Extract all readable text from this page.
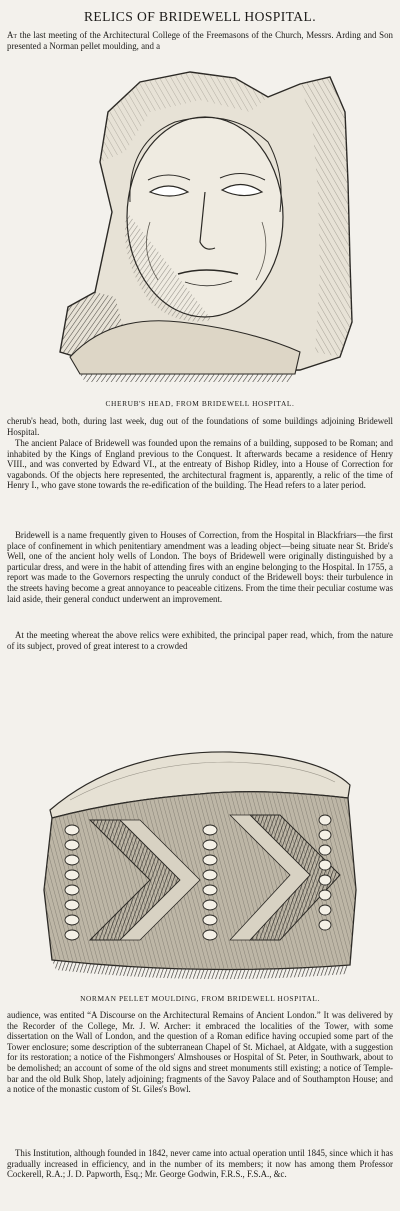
RELICS OF BRIDEWELL HOSPITAL.

At the last meeting of the Architectural College of the Freemasons of the Church, Messrs. Arding and Son presented a Norman pellet moulding, and a

CHERUB'S HEAD, FROM BRIDEWELL HOSPITAL.

cherub's head, both, during last week, dug out of the foundations of some buildings adjoining Bridewell Hospital.

The ancient Palace of Bridewell was founded upon the remains of a building, supposed to be Roman; and inhabited by the Kings of England previous to the Conquest. It afterwards became a residence of Henry VIII., and was converted by Edward VI., at the entreaty of Bishop Ridley, into a House of Correction for vagabonds. Of the objects here represented, the architectural fragment is, apparently, a relic of the time of Henry I., who gave stone towards the re-edification of the building. The Head refers to a later period.

Bridewell is a name frequently given to Houses of Correction, from the Hospital in Blackfriars—the first place of confinement in which penitentiary amendment was a leading object—being situate near St. Bride's Well, one of the ancient holy wells of London. The boys of Bridewell were originally distinguished by a particular dress, and were in the habit of attending fires with an engine belonging to the Hospital. In 1755, a report was made to the Governors respecting the unruly conduct of the Bridewell boys: their turbulence in the streets having become a great annoyance to peaceable citizens. From the time their peculiar costume was laid aside, their general conduct underwent an improvement.

At the meeting whereat the above relics were exhibited, the principal paper read, which, from the nature of its subject, proved of great interest to a crowded

NORMAN PELLET MOULDING, FROM BRIDEWELL HOSPITAL.

audience, was entited “A Discourse on the Architectural Remains of Ancient London.” It was delivered by the Recorder of the College, Mr. J. W. Archer: it embraced the localities of the Tower, with some dissertation on the Wall of London, and the question of a Roman edifice having occupied some part of the Tower enclosure; some description of the subterranean Chapel of St. Michael, at Aldgate, with a suggestion for its restoration; a notice of the Fishmongers' Almshouses or Hospital of St. Peter, in Southwark, about to be demolished; an account of some of the old signs and street monuments still existing; a notice of Temple-bar and the old Bulk Shop, lately adjoining; fragments of the Savoy Palace and of Southampton House; and a notice of the monastic custom of St. Giles's Bowl.

This Institution, although founded in 1842, never came into actual operation until 1845, since which it has gradually increased in efficiency, and in the number of its members; it now has among them Professor Cockerell, R.A.; J. D. Papworth, Esq.; Mr. George Godwin, F.R.S., F.S.A., &c.
